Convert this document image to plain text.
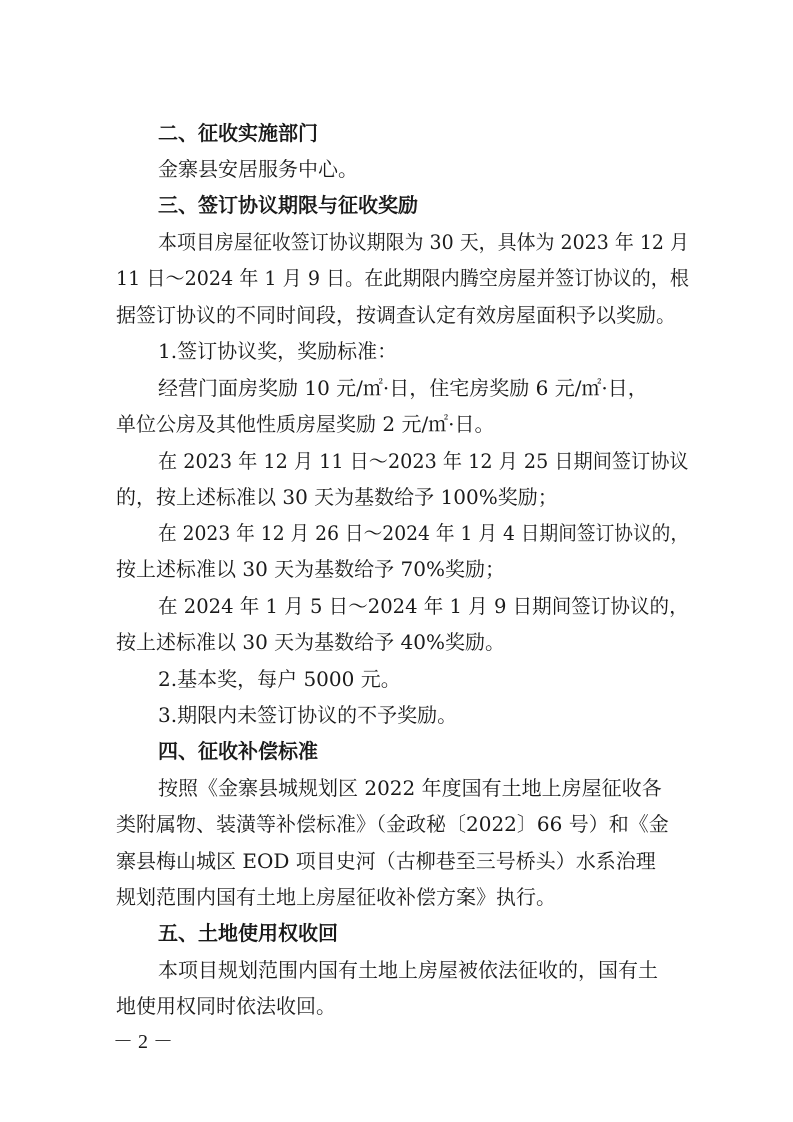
二、征收实施部门
金寨县安居服务中心。
三、签订协议期限与征收奖励
本项目房屋征收签订协议期限为 30 天，具体为 2023 年 12 月
11 日～2024 年 1 月 9 日。在此期限内腾空房屋并签订协议的，根
据签订协议的不同时间段，按调查认定有效房屋面积予以奖励。
1.签订协议奖，奖励标准：
经营门面房奖励 10 元/㎡·日，住宅房奖励 6 元/㎡·日，
单位公房及其他性质房屋奖励 2 元/㎡·日。
在 2023 年 12 月 11 日～2023 年 12 月 25 日期间签订协议
的，按上述标准以 30 天为基数给予 100%奖励；
在 2023 年 12 月 26 日～2024 年 1 月 4 日期间签订协议的，
按上述标准以 30 天为基数给予 70%奖励；
在 2024 年 1 月 5 日～2024 年 1 月 9 日期间签订协议的，
按上述标准以 30 天为基数给予 40%奖励。
2.基本奖，每户 5000 元。
3.期限内未签订协议的不予奖励。
四、征收补偿标准
按照《金寨县城规划区 2022 年度国有土地上房屋征收各
类附属物、装潢等补偿标准》（金政秘〔2022〕66 号）和《金
寨县梅山城区 EOD 项目史河（古柳巷至三号桥头）水系治理
规划范围内国有土地上房屋征收补偿方案》执行。
五、土地使用权收回
本项目规划范围内国有土地上房屋被依法征收的，国有土
地使用权同时依法收回。
－ 2 －
